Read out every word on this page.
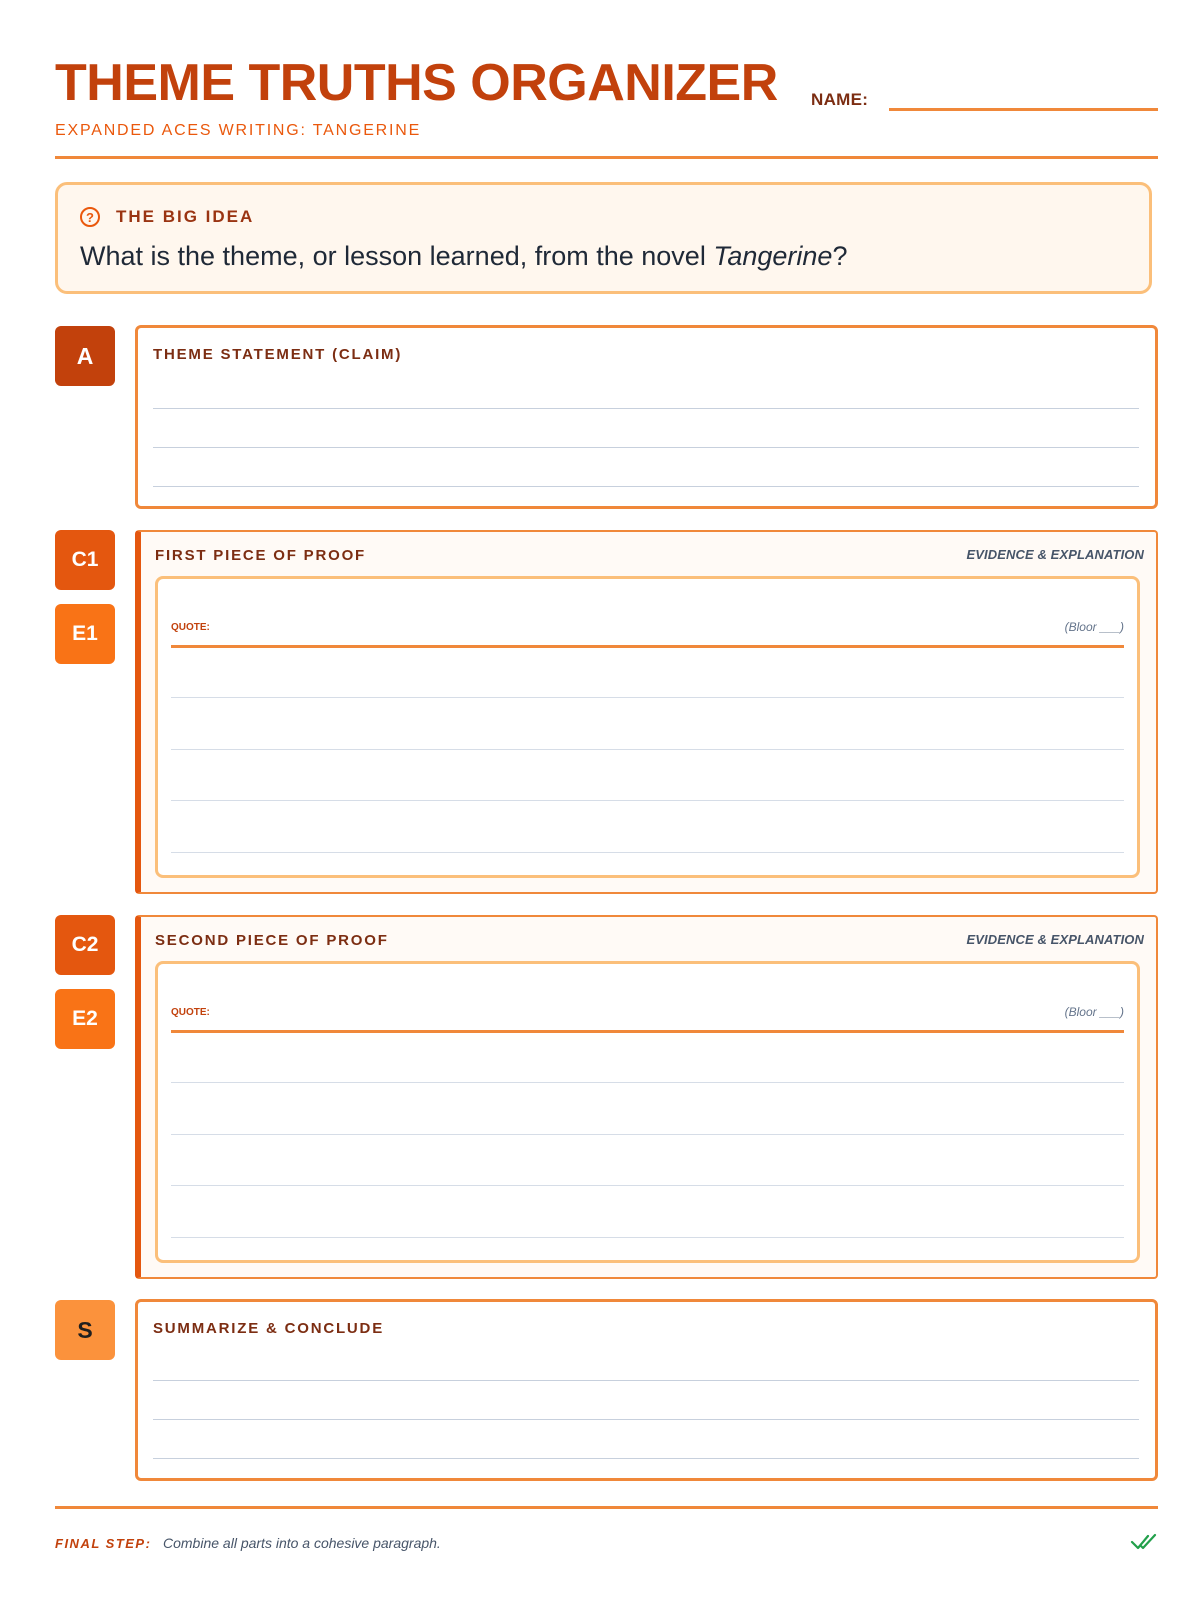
THEME TRUTHS ORGANIZER NAME:
EXPANDED ACES WRITING: TANGERINE
?	THE BIG IDEA
What is the theme, or lesson learned, from the novel Tangerine?
A
C1
E1
C2
E2
S
THEME STATEMENT (CLAIM)
FIRST PIECE OF PROOF	EVIDENCE & EXPLANATION
QUOTE:	(Bloor ___)
SECOND PIECE OF PROOF	EVIDENCE & EXPLANATION
QUOTE:	(Bloor ___)
SUMMARIZE & CONCLUDE
FINAL STEP: Combine all parts into a cohesive paragraph.
